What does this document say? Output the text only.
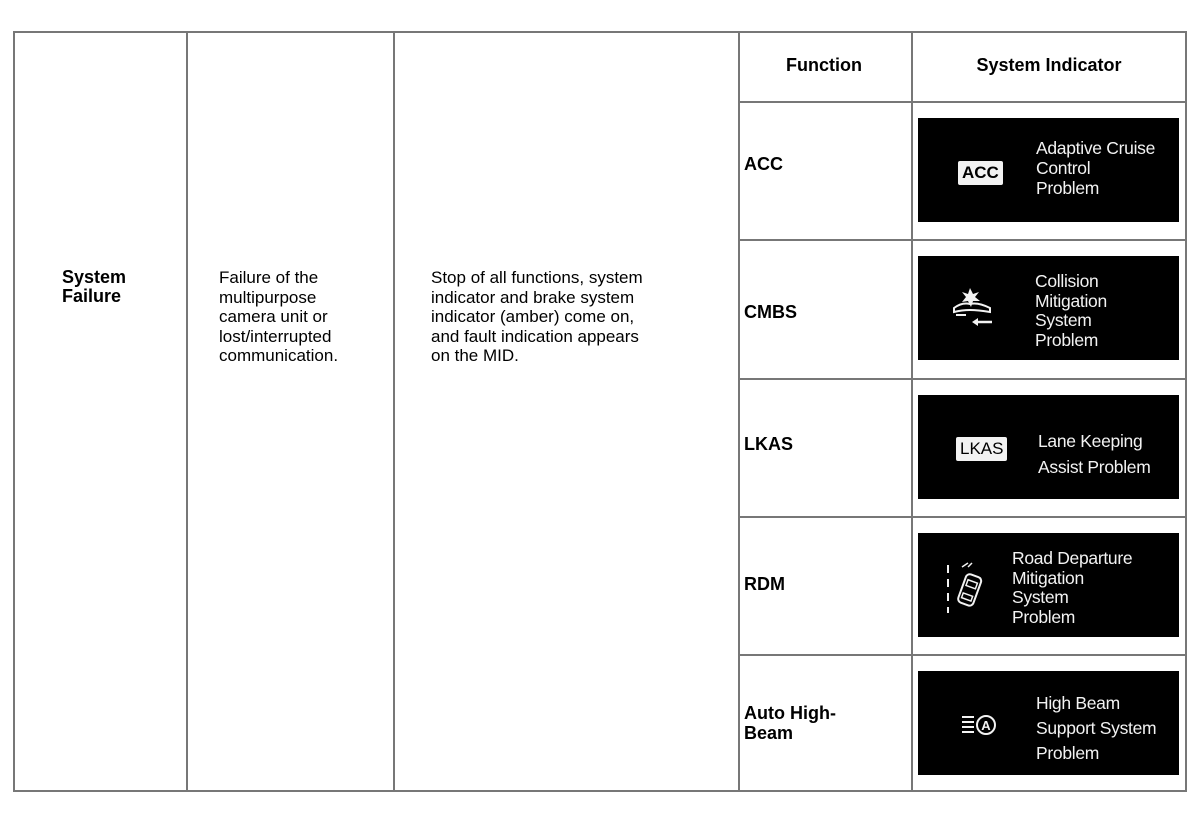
System
Failure
Failure of the
multipurpose
camera unit or
lost/interrupted
communication.
Stop of all functions, system
indicator and brake system
indicator (amber) come on,
and fault indication appears
on the MID.
Function	System Indicator
ACC
CMBS
LKAS
RDM
Auto High-
Beam
ACC
Adaptive Cruise
Control
Problem
Collision
Mitigation
System
Problem
LKAS Lane Keeping
Assist Problem
Road Departure
Mitigation
System
Problem
A
High Beam
Support System
Problem
